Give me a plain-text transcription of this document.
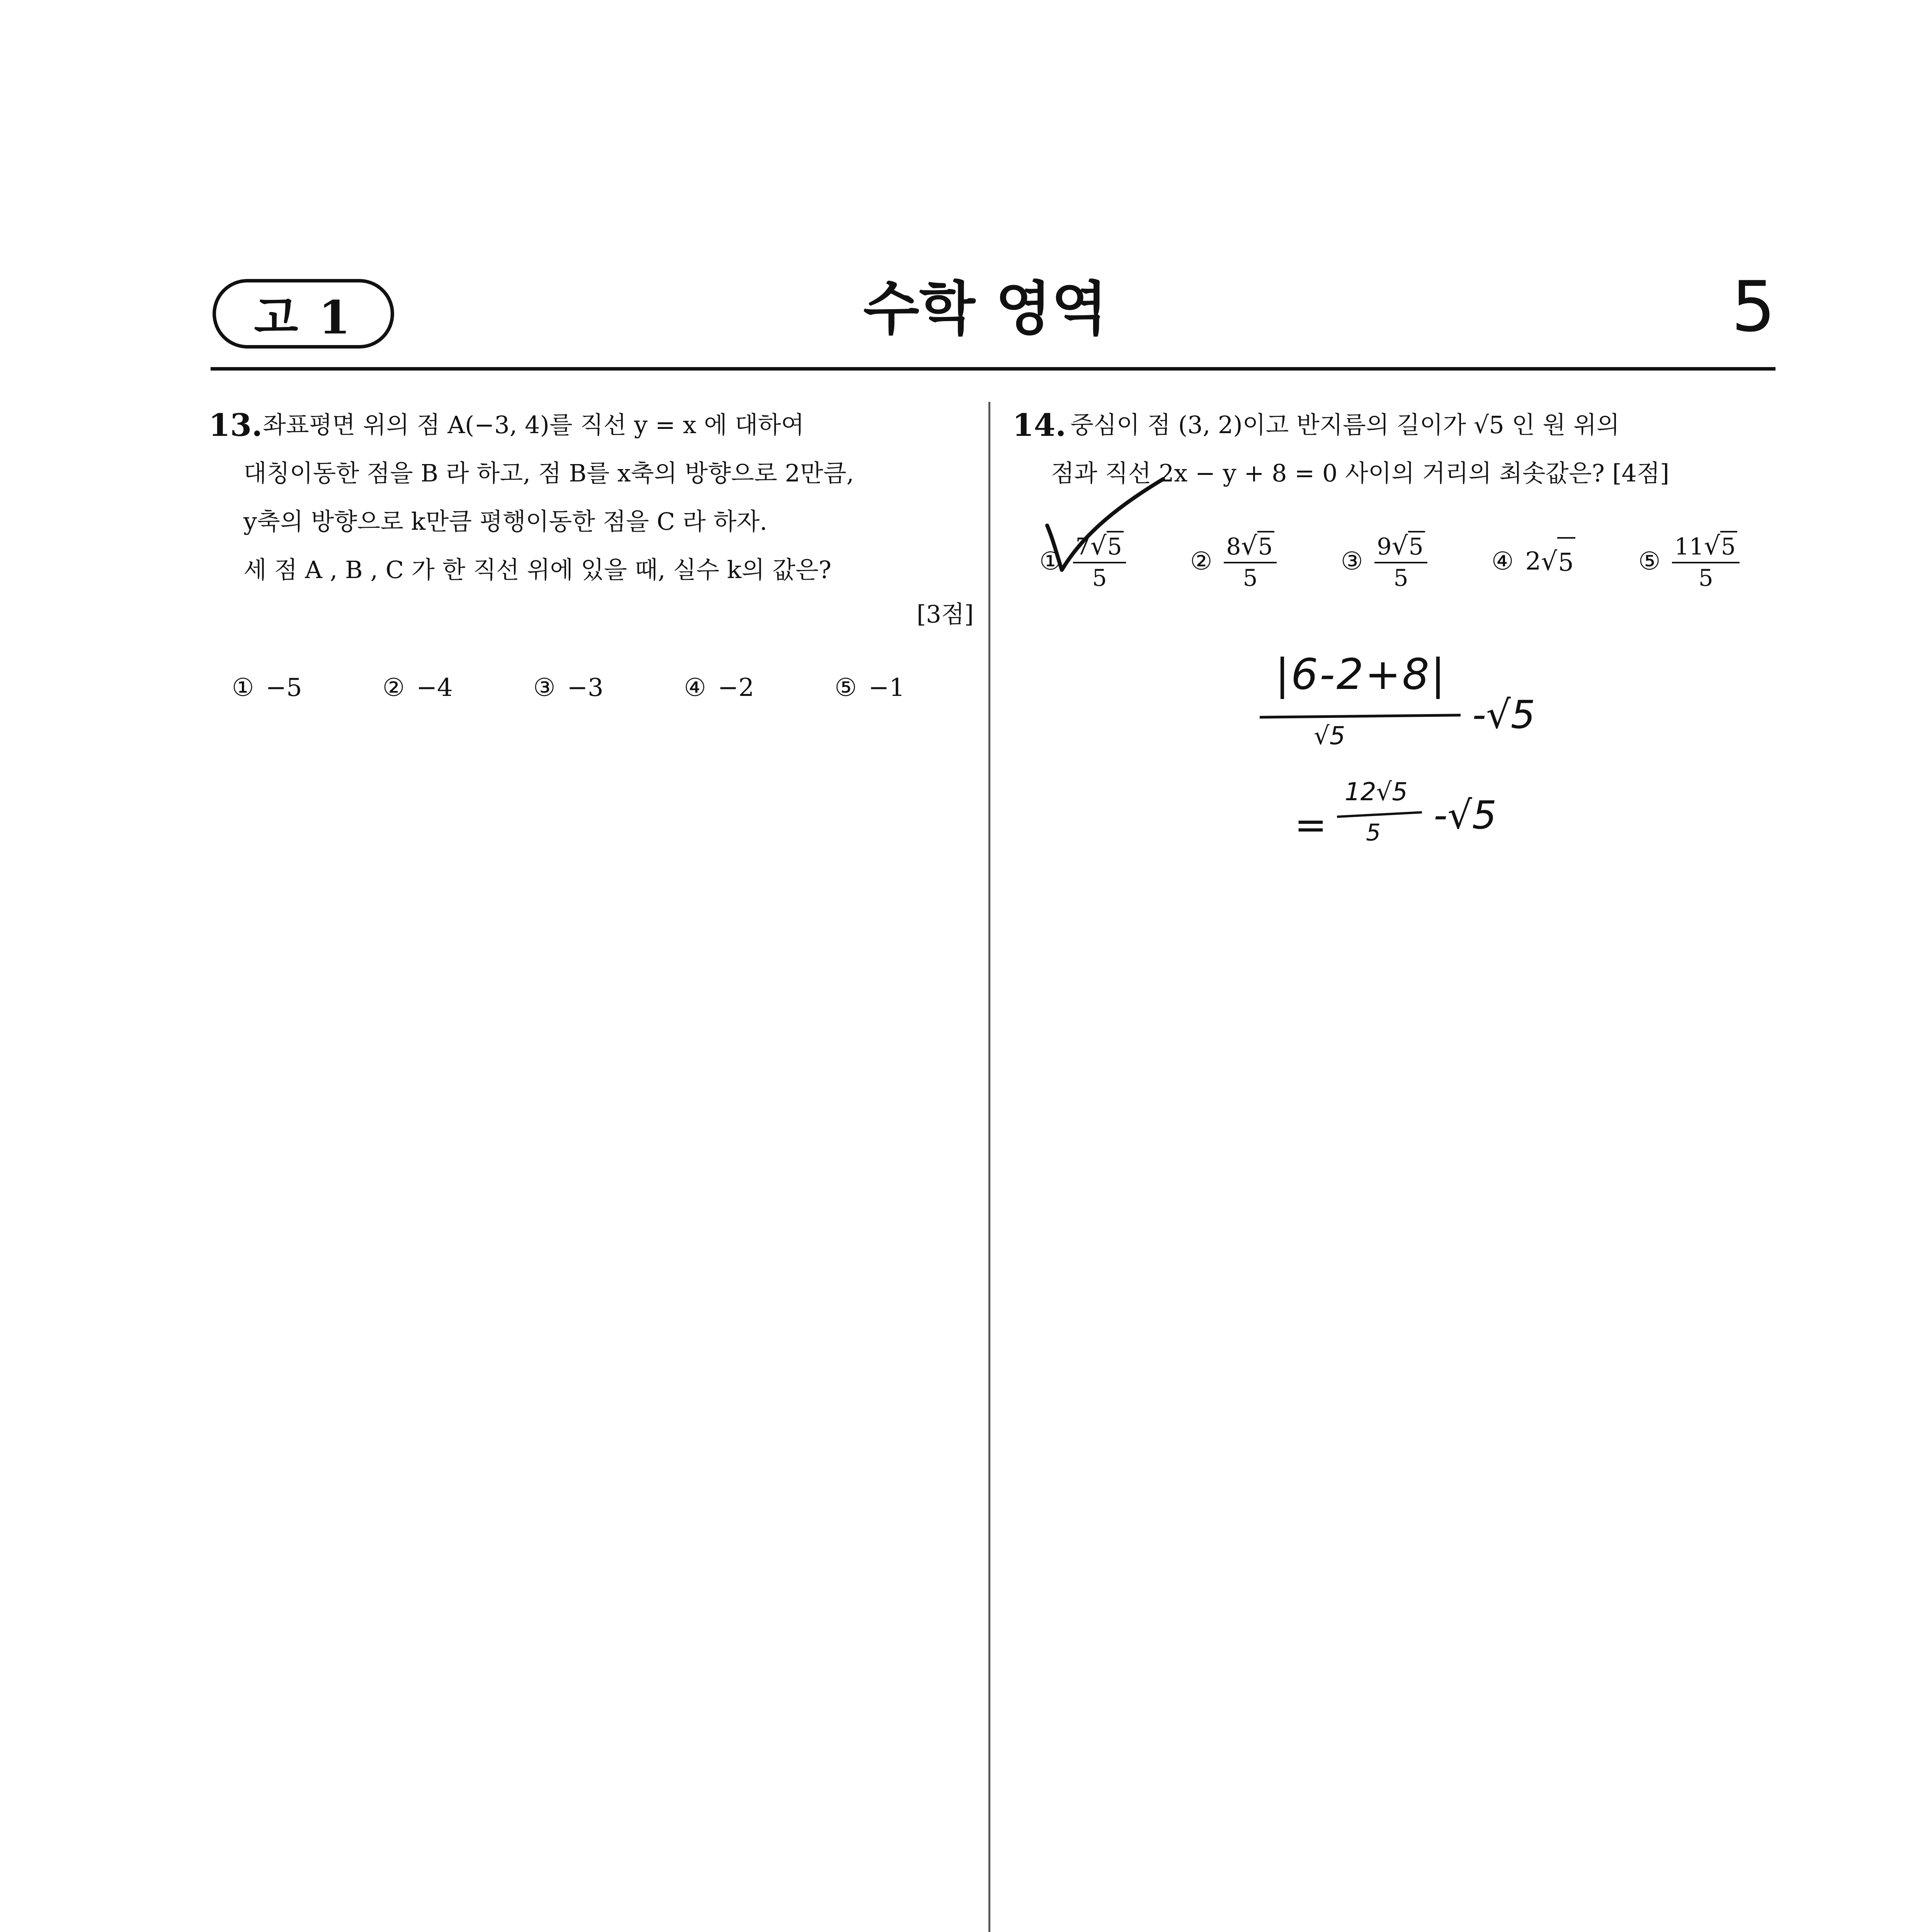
고 1	수학 영역	5
13. 좌표평면 위의 점 A(−3, 4)를 직선 y = x 에 대하여
대칭이동한 점을 B 라 하고, 점 B를 x축의 방향으로 2만큼,
y축의 방향으로 k만큼 평행이동한 점을 C 라 하자.
세 점 A , B , C 가 한 직선 위에 있을 때, 실수 k의 값은?
[3점]
① −5	② −4	③ −3	④ −2	⑤ −1
14. 중심이 점 (3, 2)이고 반지름의 길이가 √5 인 원 위의
점과 직선 2x − y + 8 = 0 사이의 거리의 최솟값은? [4점]
① $\frac{7√5}{5}$	② $\frac{8√5}{5}$	③ $\frac{9√5}{5}$	④ 2 √ 5	⑤ $\frac{11√5}{5}$
|6-2+8|
√5	-√5
=
12√5
5 -√5
